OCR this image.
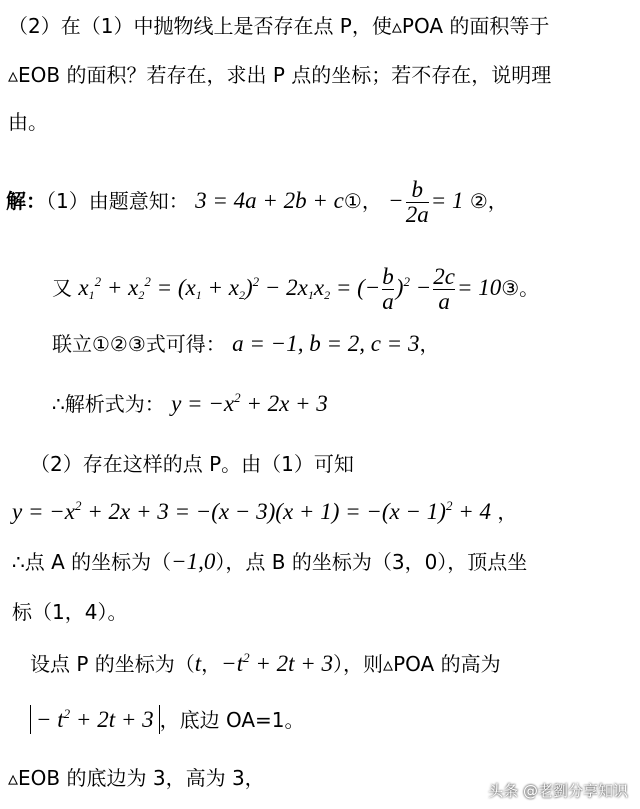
（2）在（1）中抛物线上是否存在点 P，使▵POA 的面积等于
▵EOB 的面积？若存在，求出 P 点的坐标；若不存在，说明理
由。
解：（1）由题意知： 3 = 4a + 2b + c①， − $\frac{b}{2a} = 1$ ②，
又 $x_1^2 + x_2^2 = (x_1 + x_2)^2 - 2x_1x_2$ = (− $\frac{b}{a} )^2 - \frac{2c}{a}$ = 10③。
联立①②③式可得： a = −1, b = 2, c = 3，
∴解析式为： $y = -x^2 + 2x + 3$
（2）存在这样的点 P。由（1）可知
$y = -x^2 + 2x + 3 = -(x - 3)(x + 1) = -(x - 1)^2 + 4$ ，
∴点 A 的坐标为（−1,0），点 B 的坐标为（3，0），顶点坐
标（1，4）。
设点 P 的坐标为（t，$-t^2 + 2t + 3$），则▵POA 的高为
− $t^2 + 2t + 3$ ，底边 OA=1。
▵EOB 的底边为 3，高为 3，
头条 @老劉分享知识
